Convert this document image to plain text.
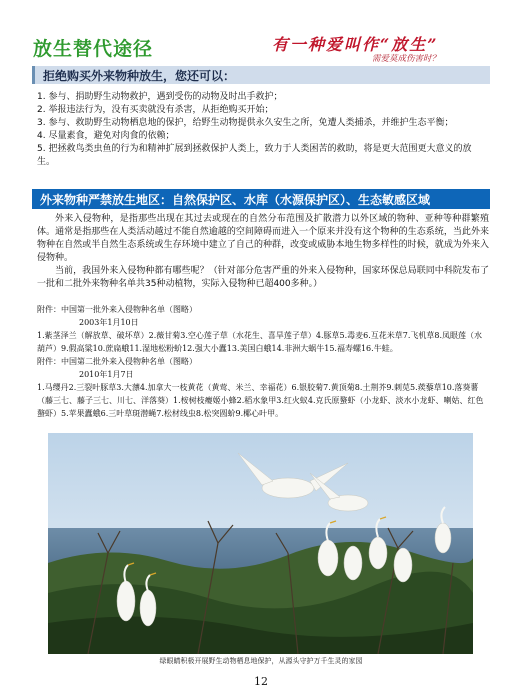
放生替代途径	有一种爱叫作“放生”
需爱莫成伤害时？
拒绝购买外来物种放生，您还可以：

1. 参与、捐助野生动物救护，遇到受伤的动物及时出手救护；

2. 举报违法行为，没有买卖就没有杀害，从拒绝购买开始；

3. 参与、救助野生动物栖息地的保护，给野生动物提供永久安生之所，免遭人类捕杀，并维护生态平衡；

4. 尽量素食，避免对肉食的依赖；

5. 把拯救鸟类虫鱼的行为和精神扩展到拯救保护人类上，致力于人类困苦的救助，将是更大范围更大意义的放生。

外来物种严禁放生地区：自然保护区、水库（水源保护区）、生态敏感区域

外来入侵物种，是指那些出现在其过去或现在的自然分布范围及扩散潜力以外区域的物种、亚种等种群繁殖体。通常是指那些在人类活动越过不能自然逾越的空间障碍而进入一个原来并没有这个物种的生态系统，当此外来物种在自然或半自然生态系统或生存环境中建立了自己的种群，改变或威胁本地生物多样性的时候，就成为外来入侵物种。

当前，我国外来入侵物种都有哪些呢？（针对部分危害严重的外来入侵物种，国家环保总局联同中科院发布了一批和二批外来物种名单共35种动植物，实际入侵物种已超400多种。）

附件：中国第一批外来入侵物种名单（图略）

2003年1月10日

1.紫茎泽兰（解放草、破坏草）2.薇甘菊3.空心莲子草（水花生、喜旱莲子草）4.豚草5.毒麦6.互花米草7.飞机草8.凤眼莲（水葫芦）9.假高粱10.蔗扁蛾11.湿地松粉蚧12.强大小蠹13.美国白蛾14.非洲大蜗牛15.福寿螺16.牛蛙。

附件：中国第二批外来入侵物种名单（图略）

2010年1月7日

1.马缨丹2.三裂叶豚草3.大薸4.加拿大一枝黄花（黄莺、米兰、幸福花）6.银胶菊7.黄顶菊8.土荆芥9.刺苋5.蒺藜草10.落葵薯（藤三七、藤子三七、川七、洋落葵）1.桉树枝瘿姬小蜂2.稻水象甲3.红火蚁4.克氏原螯虾（小龙虾、淡水小龙虾、喇姑、红色螯虾）5.苹果蠹蛾6.三叶草斑潜蝇7.松材线虫8.松突圆蚧9.椰心叶甲。

绿眼睛积极开展野生动物栖息地保护，从源头守护万千生灵的家园
12
